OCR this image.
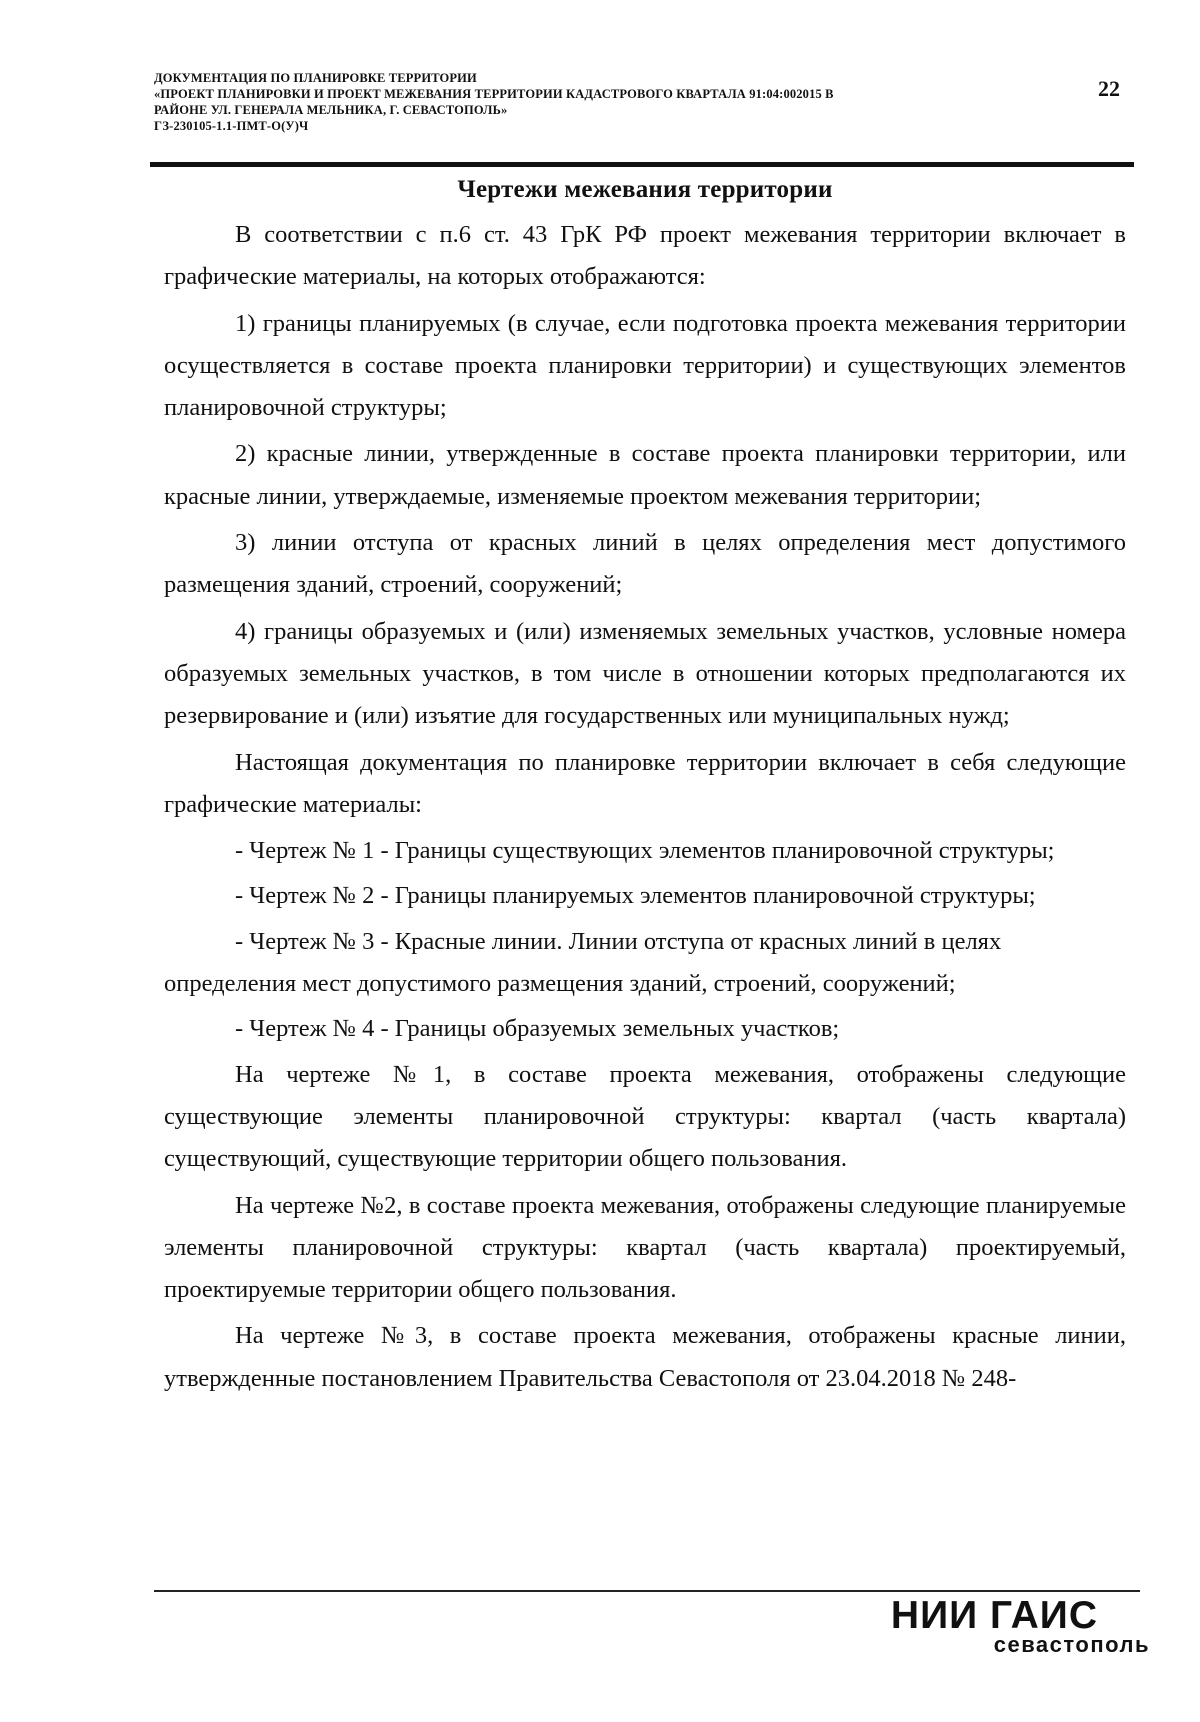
ДОКУМЕНТАЦИЯ ПО ПЛАНИРОВКЕ ТЕРРИТОРИИ
«ПРОЕКТ ПЛАНИРОВКИ И ПРОЕКТ МЕЖЕВАНИЯ ТЕРРИТОРИИ КАДАСТРОВОГО КВАРТАЛА 91:04:002015 В
РАЙОНЕ УЛ. ГЕНЕРАЛА МЕЛЬНИКА, Г. СЕВАСТОПОЛЬ»
ГЗ-230105-1.1-ПМТ-О(У)Ч
22
Чертежи межевания территории

В соответствии с п.6 ст. 43 ГрК РФ проект межевания территории включает в графические материалы, на которых отображаются:

1) границы планируемых (в случае, если подготовка проекта межевания территории осуществляется в составе проекта планировки территории) и существующих элементов планировочной структуры;

2) красные линии, утвержденные в составе проекта планировки территории, или красные линии, утверждаемые, изменяемые проектом межевания территории;

3) линии отступа от красных линий в целях определения мест допустимого размещения зданий, строений, сооружений;

4) границы образуемых и (или) изменяемых земельных участков, условные номера образуемых земельных участков, в том числе в отношении которых предполагаются их резервирование и (или) изъятие для государственных или муниципальных нужд;

Настоящая документация по планировке территории включает в себя следующие графические материалы:

- Чертеж № 1 - Границы существующих элементов планировочной структуры;

- Чертеж № 2 - Границы планируемых элементов планировочной структуры;

- Чертеж № 3 - Красные линии. Линии отступа от красных линий в целях определения мест допустимого размещения зданий, строений, сооружений;

- Чертеж № 4 - Границы образуемых земельных участков;

На чертеже №1, в составе проекта межевания, отображены следующие существующие элементы планировочной структуры: квартал (часть квартала) существующий, существующие территории общего пользования.

На чертеже №2, в составе проекта межевания, отображены следующие планируемые элементы планировочной структуры: квартал (часть квартала) проектируемый, проектируемые территории общего пользования.

На чертеже №3, в составе проекта межевания, отображены красные линии, утвержденные постановлением Правительства Севастополя от 23.04.2018 № 248-

НИИ ГАИС
севастополь
